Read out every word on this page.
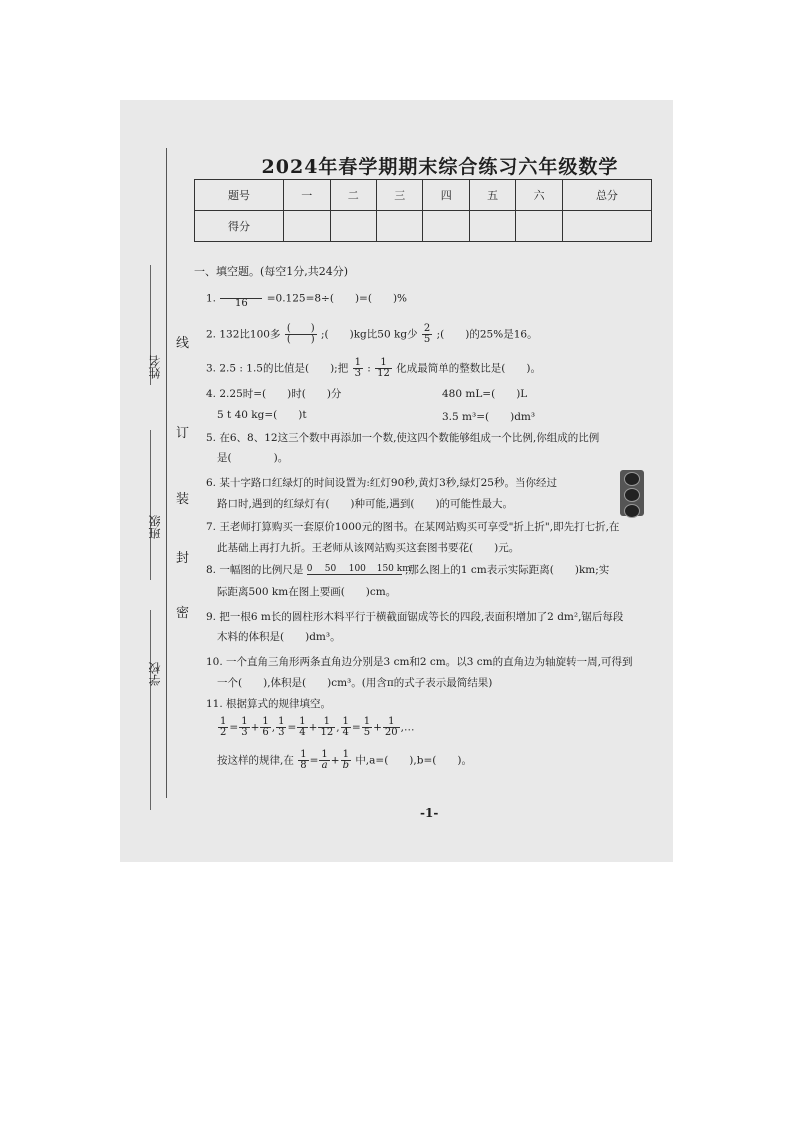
2024年春学期期末综合练习六年级数学
题号	一	二	三	四	五	六	总分
得分							
姓名
班级
学校
线
订
装
封
密
一、填空题。(每空1分,共24分)
1.
	16	=0.125=8÷(　　)=(　　)%
2. 132比100多 $\frac{( )}{( )}$ ;(　　)kg比50 kg少 $\frac{2}{5}$ ;(　　)的25%是16。
3. 2.5 : 1.5的比值是(　　);把 $\frac{1}{3}$ : $\frac{1}{12}$ 化成最简单的整数比是(　　)。
4. 2.25时=(　　)时(　　)分	480 mL=(　　)L
5 t 40 kg=(　　)t	3.5 m³=(　　)dm³
5. 在6、8、12这三个数中再添加一个数,使这四个数能够组成一个比例,你组成的比例
是(　　　　)。
6. 某十字路口红绿灯的时间设置为:红灯90秒,黄灯3秒,绿灯25秒。当你经过
路口时,遇到的红绿灯有(　　)种可能,遇到(　　)的可能性最大。
7. 王老师打算购买一套原价1000元的图书。在某网站购买可享受"折上折",即先打七折,在
此基础上再打九折。王老师从该网站购买这套图书要花(　　)元。
8. 一幅图的比例尺是 0 50 100 150 km
,那么图上的1 cm表示实际距离(　　)km;实
际距离500 km在图上要画(　　)cm。
9. 把一根6 m长的圆柱形木料平行于横截面锯成等长的四段,表面积增加了2 dm²,锯后每段
木料的体积是(　　)dm³。
10. 一个直角三角形两条直角边分别是3 cm和2 cm。以3 cm的直角边为轴旋转一周,可得到
一个(　　),体积是(　　)cm³。(用含π的式子表示最简结果)
11. 根据算式的规律填空。
$\frac{1}{2} = \frac{1}{3} + \frac{1}{6}$ , $\frac{1}{3} = \frac{1}{4} + \frac{1}{12}$ , $\frac{1}{4} = \frac{1}{5} + \frac{1}{20}$ ,…
按这样的规律,在 $\frac{1}{8} = \frac{1}{a} + \frac{1}{b}$ 中,a=(　　),b=(　　)。
-1-
